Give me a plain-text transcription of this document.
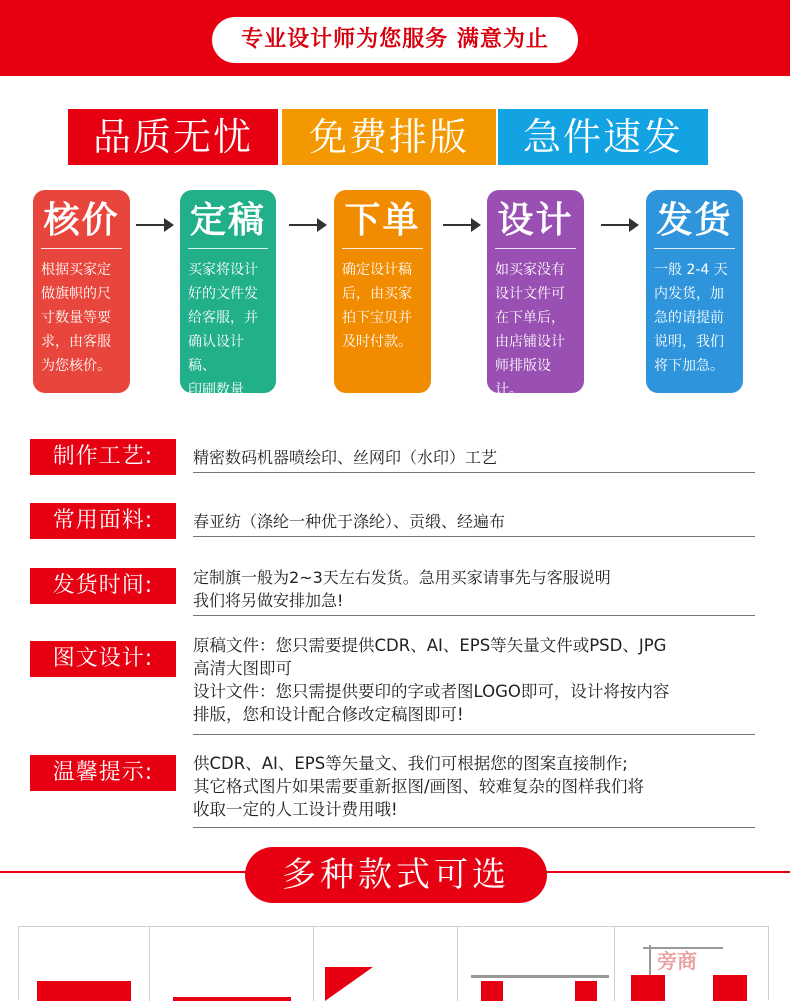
专业设计师为您服务 满意为止
品质无忧	免费排版	急件速发
核价
根据买家定
做旗帜的尺
寸数量等要
求，由客服
为您核价。
定稿
买家将设计
好的文件发
给客服，并
确认设计稿、
印刷数量等。
下单
确定设计稿
后，由买家
拍下宝贝并
及时付款。
设计
如买家没有
设计文件可
在下单后，
由店铺设计
师排版设计。
发货
一般 2-4 天
内发货，加
急的请提前
说明，我们
将下加急。
制作工艺:	精密数码机器喷绘印、丝网印（水印）工艺
常用面料:	春亚纺（涤纶一种优于涤纶）、贡缎、经遍布
发货时间:	定制旗一般为2~3天左右发货。急用买家请事先与客服说明
我们将另做安排加急!
图文设计:
原稿文件：您只需要提供CDR、AI、EPS等矢量文件或PSD、JPG
高清大图即可
设计文件：您只需提供要印的字或者图LOGO即可，设计将按内容
排版，您和设计配合修改定稿图即可!
温馨提示:	供CDR、AI、EPS等矢量文、我们可根据您的图案直接制作;
其它格式图片如果需要重新抠图/画图、较难复杂的图样我们将
收取一定的人工设计费用哦!
多种款式可选
旁商
